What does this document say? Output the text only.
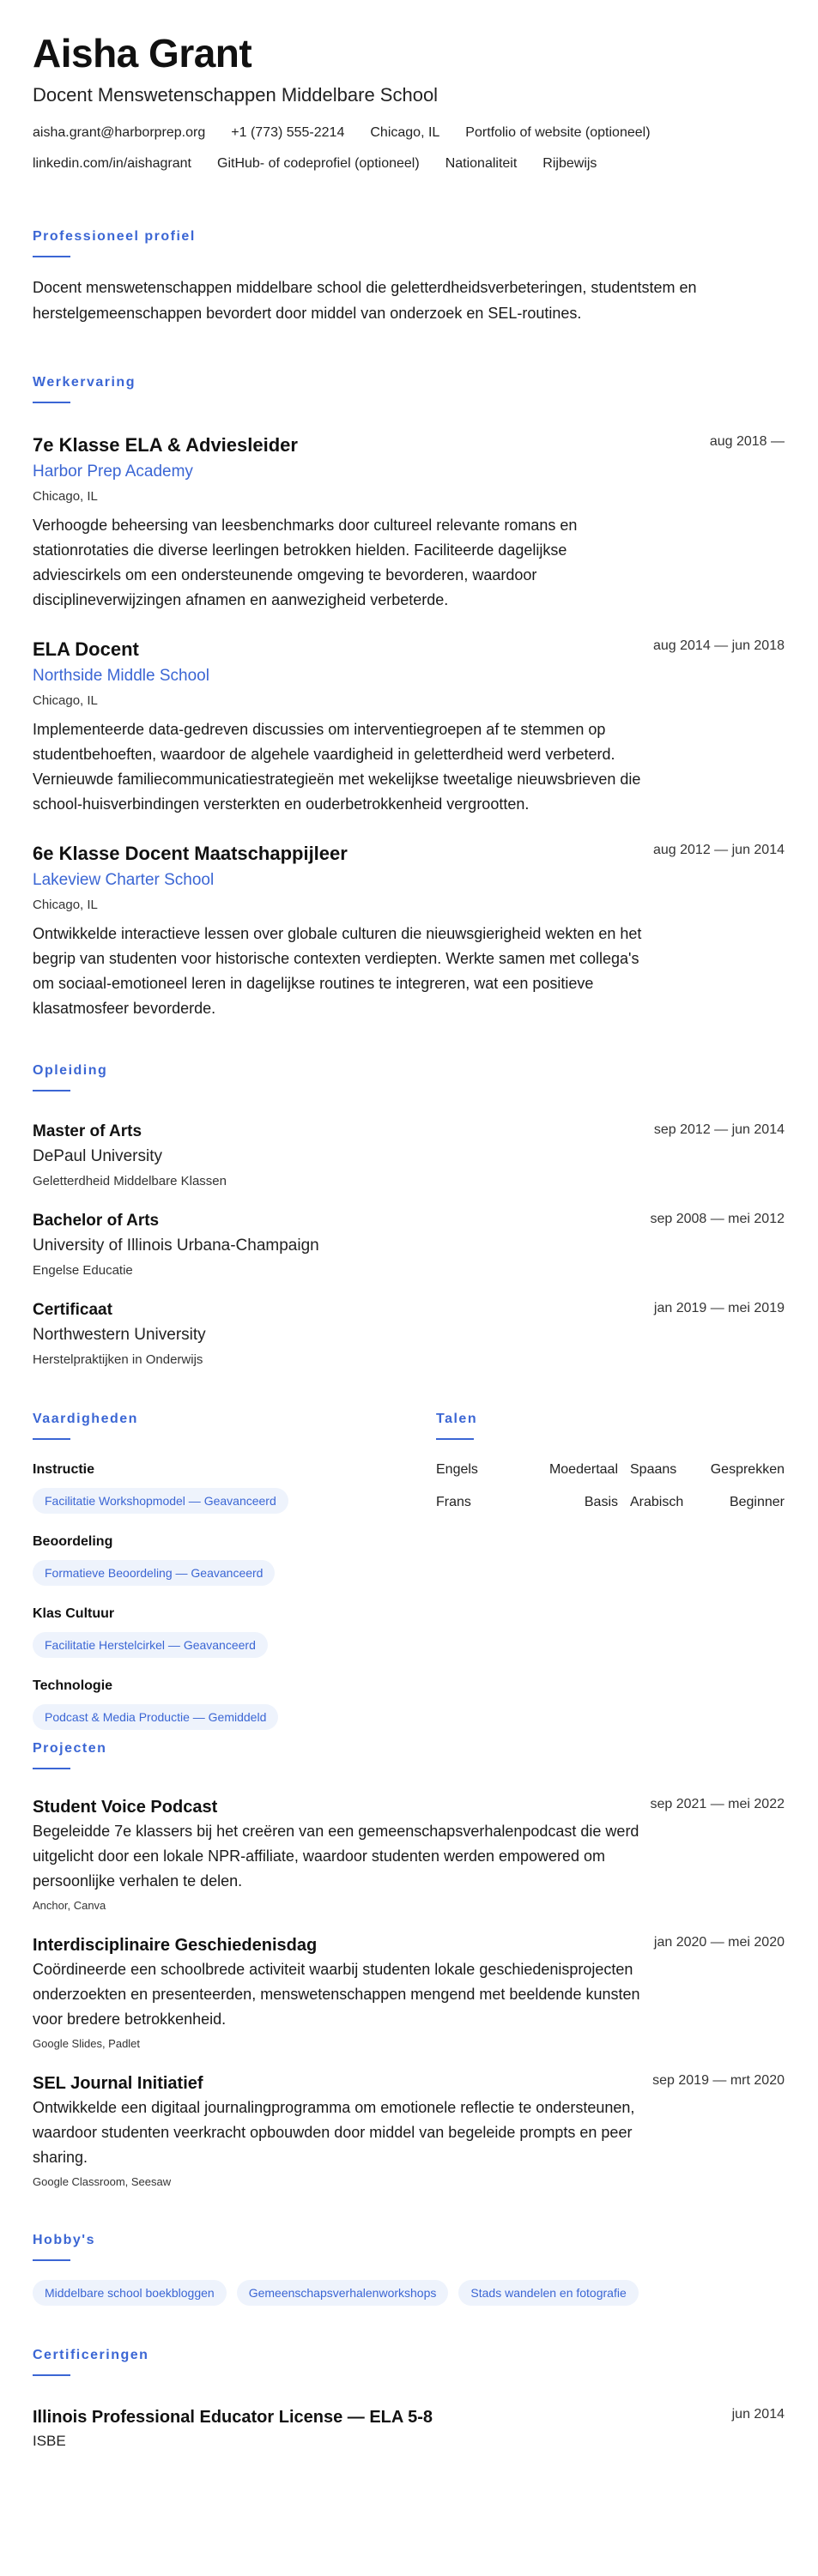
Aisha Grant
Docent Menswetenschappen Middelbare School
aisha.grant@harborprep.org +1 (773) 555-2214 Chicago, IL Portfolio of website (optioneel)
linkedin.com/in/aishagrant GitHub- of codeprofiel (optioneel) Nationaliteit Rijbewijs
Professioneel profiel
Docent menswetenschappen middelbare school die geletterdheidsverbeteringen, studentstem en herstelgemeenschappen bevordert door middel van onderzoek en SEL-routines.
Werkervaring
7e Klasse ELA & Adviesleider	aug 2018 —
Harbor Prep Academy
Chicago, IL
Verhoogde beheersing van leesbenchmarks door cultureel relevante romans en stationrotaties die diverse leerlingen betrokken hielden. Faciliteerde dagelijkse adviescirkels om een ondersteunende omgeving te bevorderen, waardoor disciplineverwijzingen afnamen en aanwezigheid verbeterde.
ELA Docent	aug 2014 — jun 2018
Northside Middle School
Chicago, IL
Implementeerde data-gedreven discussies om interventiegroepen af te stemmen op studentbehoeften, waardoor de algehele vaardigheid in geletterdheid werd verbeterd. Vernieuwde familiecommunicatiestrategieën met wekelijkse tweetalige nieuwsbrieven die school-huisverbindingen versterkten en ouderbetrokkenheid vergrootten.
6e Klasse Docent Maatschappijleer	aug 2012 — jun 2014
Lakeview Charter School
Chicago, IL
Ontwikkelde interactieve lessen over globale culturen die nieuwsgierigheid wekten en het begrip van studenten voor historische contexten verdiepten. Werkte samen met collega's om sociaal-emotioneel leren in dagelijkse routines te integreren, wat een positieve klasatmosfeer bevorderde.
Opleiding
Master of Arts	sep 2012 — jun 2014
DePaul University
Geletterdheid Middelbare Klassen
Bachelor of Arts	sep 2008 — mei 2012
University of Illinois Urbana-Champaign
Engelse Educatie
Certificaat	jan 2019 — mei 2019
Northwestern University
Herstelpraktijken in Onderwijs
Vaardigheden
Instructie
Facilitatie Workshopmodel — Geavanceerd
Beoordeling
Formatieve Beoordeling — Geavanceerd
Klas Cultuur
Facilitatie Herstelcirkel — Geavanceerd
Technologie
Podcast & Media Productie — Gemiddeld
Talen
Engels	Moedertaal Spaans	Gesprekken
Frans	Basis Arabisch	Beginner
Projecten
Student Voice Podcast	sep 2021 — mei 2022
Begeleidde 7e klassers bij het creëren van een gemeenschapsverhalenpodcast die werd uitgelicht door een lokale NPR-affiliate, waardoor studenten werden empowered om persoonlijke verhalen te delen.
Anchor, Canva
Interdisciplinaire Geschiedenisdag	jan 2020 — mei 2020
Coördineerde een schoolbrede activiteit waarbij studenten lokale geschiedenisprojecten onderzoekten en presenteerden, menswetenschappen mengend met beeldende kunsten voor bredere betrokkenheid.
Google Slides, Padlet
SEL Journal Initiatief	sep 2019 — mrt 2020
Ontwikkelde een digitaal journalingprogramma om emotionele reflectie te ondersteunen, waardoor studenten veerkracht opbouwden door middel van begeleide prompts en peer sharing.
Google Classroom, Seesaw
Hobby's
Middelbare school boekbloggen	Gemeenschapsverhalenworkshops	Stads wandelen en fotografie
Certificeringen
Illinois Professional Educator License — ELA 5-8	jun 2014
ISBE
